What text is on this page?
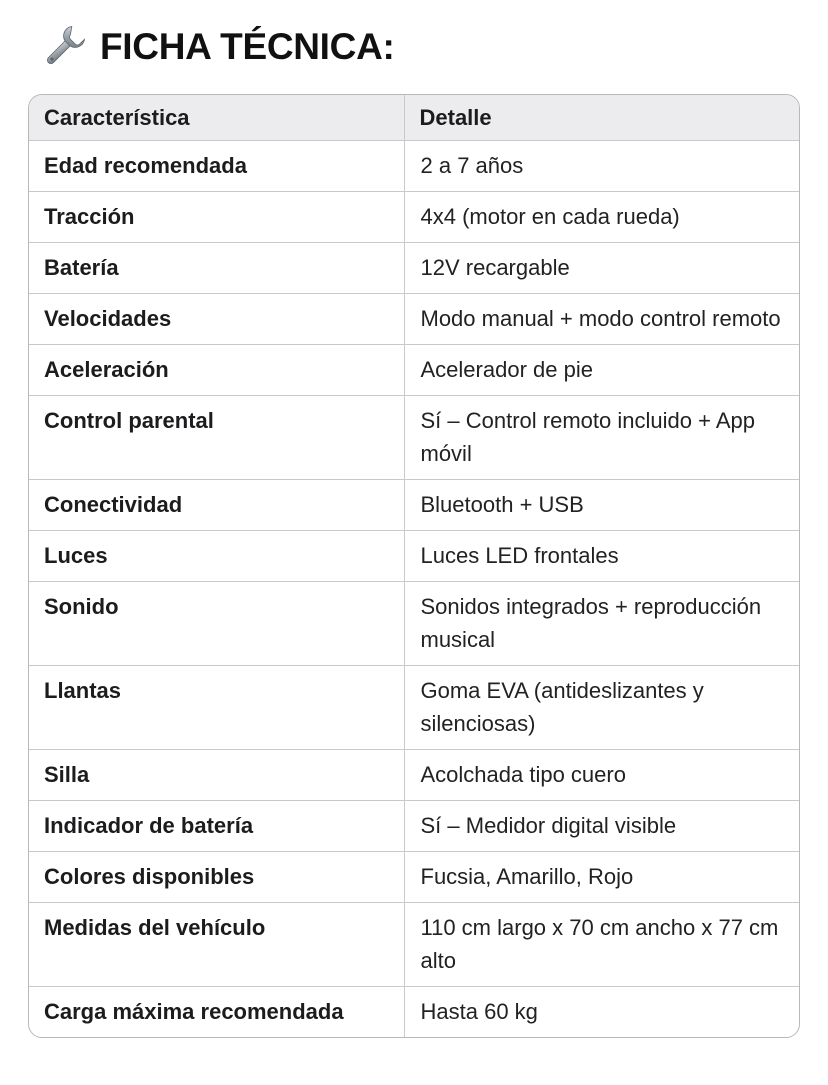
FICHA TÉCNICA:
Característica	Detalle
Edad recomendada	2 a 7 años
Tracción	4x4 (motor en cada rueda)
Batería	12V recargable
Velocidades	Modo manual + modo control remoto
Aceleración	Acelerador de pie
Control parental	Sí – Control remoto incluido + App móvil
Conectividad	Bluetooth + USB
Luces	Luces LED frontales
Sonido	Sonidos integrados + reproducción musical
Llantas	Goma EVA (antideslizantes y silenciosas)
Silla	Acolchada tipo cuero
Indicador de batería	Sí – Medidor digital visible
Colores disponibles	Fucsia, Amarillo, Rojo
Medidas del vehículo	110 cm largo x 70 cm ancho x 77 cm alto
Carga máxima recomendada	Hasta 60 kg
